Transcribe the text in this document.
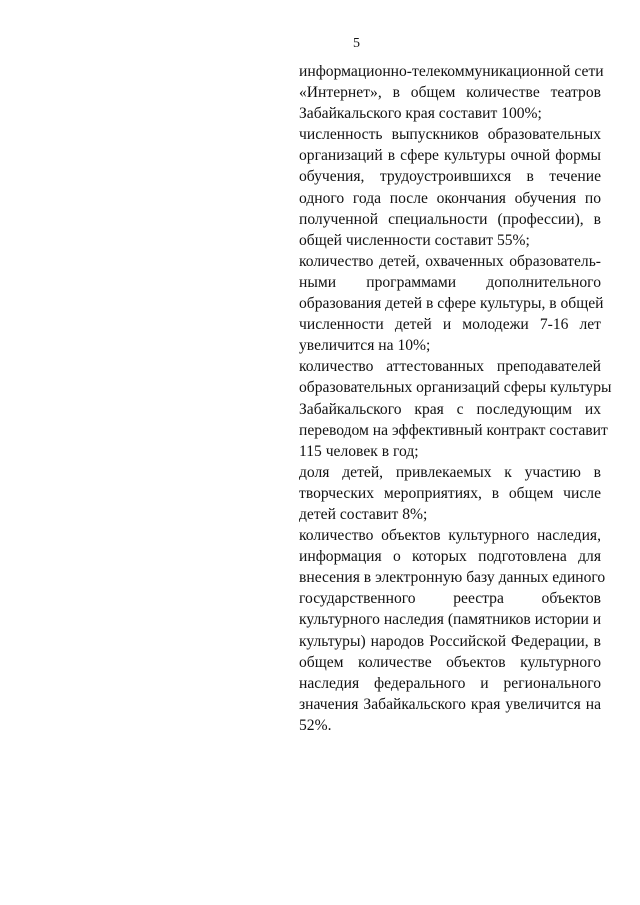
5
информационно-телекоммуникационной сети
«Интернет», в общем количестве театров
Забайкальского края составит 100%;
численность выпускников образовательных
организаций в сфере культуры очной формы
обучения, трудоустроившихся в течение
одного года после окончания обучения по
полученной специальности (профессии), в
общей численности составит 55%;
количество детей, охваченных образователь-
ными программами дополнительного
образования детей в сфере культуры, в общей
численности детей и молодежи 7-16 лет
увеличится на 10%;
количество аттестованных преподавателей
образовательных организаций сферы культуры
Забайкальского края с последующим их
переводом на эффективный контракт составит
115 человек в год;
доля детей, привлекаемых к участию в
творческих мероприятиях, в общем числе
детей составит 8%;
количество объектов культурного наследия,
информация о которых подготовлена для
внесения в электронную базу данных единого
государственного реестра объектов
культурного наследия (памятников истории и
культуры) народов Российской Федерации, в
общем количестве объектов культурного
наследия федерального и регионального
значения Забайкальского края увеличится на
52%.
